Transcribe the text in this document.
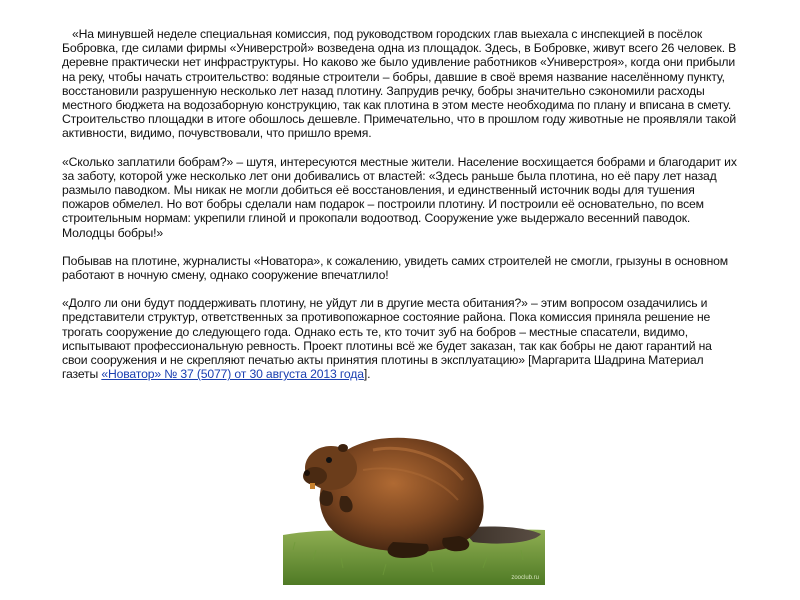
«На минувшей неделе специальная комиссия, под руководством городских глав выехала с инспекцией в посёлок Бобровка, где силами фирмы «Универстрой» возведена одна из площадок. Здесь, в Бобровке, живут всего 26 человек. В деревне практически нет инфраструктуры. Но каково же было удивление работников «Универстроя», когда они прибыли на реку, чтобы начать строительство: водяные строители – бобры, давшие в своё время название населённому пункту, восстановили разрушенную несколько лет назад плотину. Запрудив речку, бобры значительно сэкономили расходы местного бюджета на водозаборную конструкцию, так как плотина в этом месте необходима по плану и вписана в смету. Строительство площадки в итоге обошлось дешевле. Примечательно, что в прошлом году животные не проявляли такой активности, видимо, почувствовали, что пришло время.

«Сколько заплатили бобрам?» – шутя, интересуются местные жители. Население восхищается бобрами и благодарит их за заботу, которой уже несколько лет они добивались от властей: «Здесь раньше была плотина, но её пару лет назад размыло паводком. Мы никак не могли добиться её восстановления, и единственный источник воды для тушения пожаров обмелел. Но вот бобры сделали нам подарок – построили плотину. И построили её основательно, по всем строительным нормам: укрепили глиной и прокопали водоотвод. Сооружение уже выдержало весенний паводок. Молодцы бобры!»

Побывав на плотине, журналисты «Новатора», к сожалению, увидеть самих строителей не смогли, грызуны в основном работают в ночную смену, однако сооружение впечатлило!

«Долго ли они будут поддерживать плотину, не уйдут ли в другие места обитания?» – этим вопросом озадачились и представители структур, ответственных за противопожарное состояние района. Пока комиссия приняла решение не трогать сооружение до следующего года. Однако есть те, кто точит зуб на бобров – местные спасатели, видимо, испытывают профессиональную ревность. Проект плотины всё же будет заказан, так как бобры не дают гарантий на свои сооружения и не скрепляют печатью акты принятия плотины в эксплуатацию» [Маргарита Шадрина Материал газеты «Новатор» № 37 (5077) от 30 августа 2013 года].

zooclub.ru
